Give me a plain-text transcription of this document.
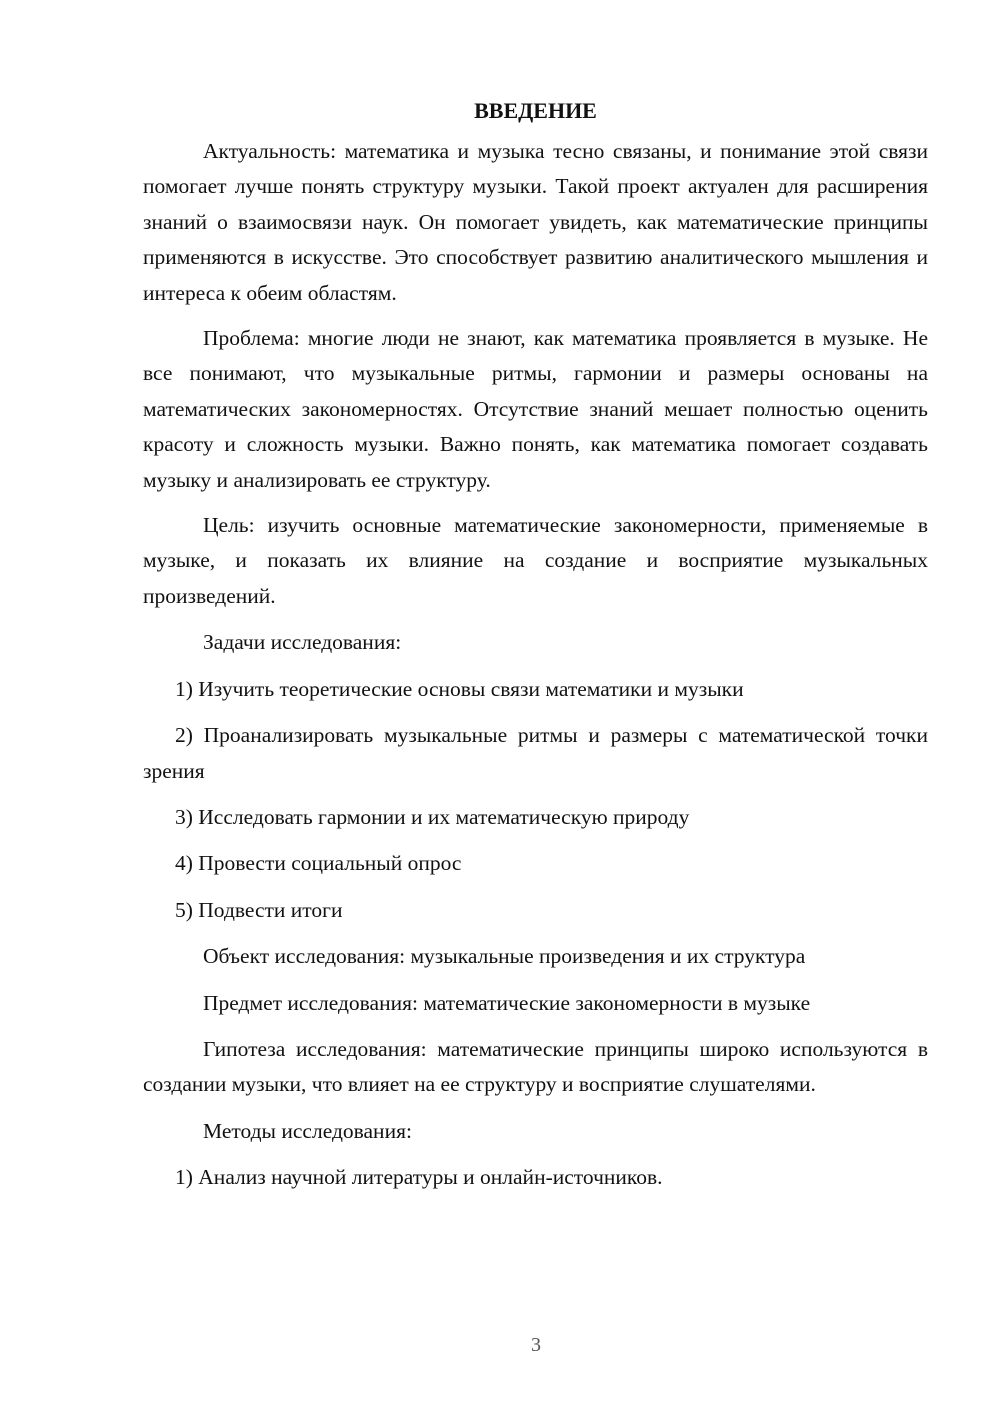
ВВЕДЕНИЕ

Актуальность: математика и музыка тесно связаны, и понимание этой связи помогает лучше понять структуру музыки. Такой проект актуален для расширения знаний о взаимосвязи наук. Он помогает увидеть, как математические принципы применяются в искусстве. Это способствует развитию аналитического мышления и интереса к обеим областям.

Проблема: многие люди не знают, как математика проявляется в музыке. Не все понимают, что музыкальные ритмы, гармонии и размеры основаны на математических закономерностях. Отсутствие знаний мешает полностью оценить красоту и сложность музыки. Важно понять, как математика помогает создавать музыку и анализировать ее структуру.

Цель: изучить основные математические закономерности, применяемые в музыке, и показать их влияние на создание и восприятие музыкальных произведений.

Задачи исследования:

1) Изучить теоретические основы связи математики и музыки

2) Проанализировать музыкальные ритмы и размеры с математической точки зрения

3) Исследовать гармонии и их математическую природу

4) Провести социальный опрос

5) Подвести итоги

Объект исследования: музыкальные произведения и их структура

Предмет исследования: математические закономерности в музыке

Гипотеза исследования: математические принципы широко используются в создании музыки, что влияет на ее структуру и восприятие слушателями.

Методы исследования:

1) Анализ научной литературы и онлайн-источников.

3
